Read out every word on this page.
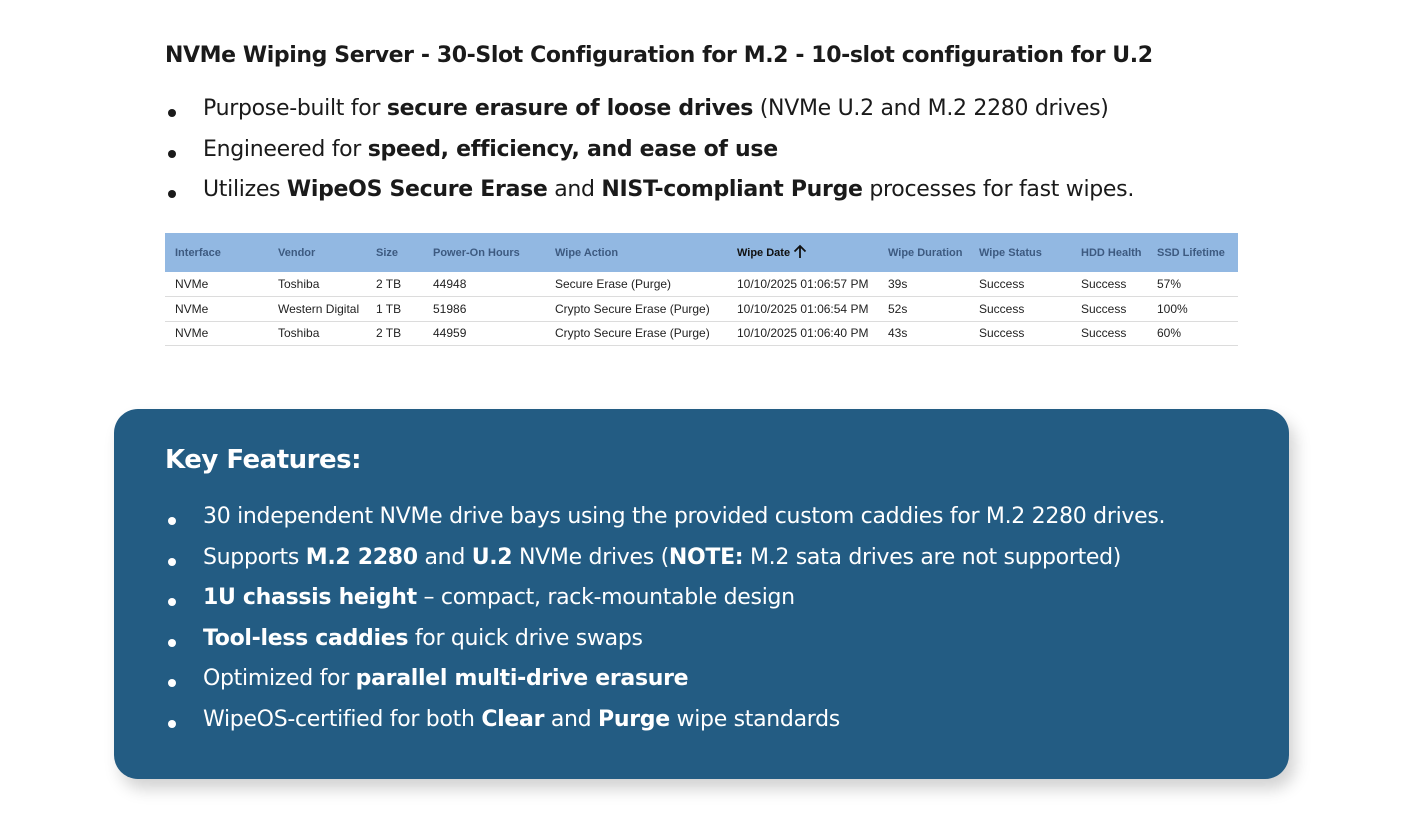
NVMe Wiping Server - 30-Slot Configuration for M.2 - 10-slot configuration for U.2
Purpose-built for secure erasure of loose drives (NVMe U.2 and M.2 2280 drives)
Engineered for speed, efficiency, and ease of use
Utilizes WipeOS Secure Erase and NIST-compliant Purge processes for fast wipes.
Interface	Vendor	Size	Power-On Hours	Wipe Action	Wipe Date	Wipe Duration	Wipe Status	HDD Health	SSD Lifetime
NVMe	Toshiba	2 TB	44948	Secure Erase (Purge)	10/10/2025 01:06:57 PM	39s	Success	Success	57%
NVMe	Western Digital	1 TB	51986	Crypto Secure Erase (Purge)	10/10/2025 01:06:54 PM	52s	Success	Success	100%
NVMe	Toshiba	2 TB	44959	Crypto Secure Erase (Purge)	10/10/2025 01:06:40 PM	43s	Success	Success	60%
Key Features:
30 independent NVMe drive bays using the provided custom caddies for M.2 2280 drives.
Supports M.2 2280 and U.2 NVMe drives (NOTE: M.2 sata drives are not supported)
1U chassis height – compact, rack-mountable design
Tool-less caddies for quick drive swaps
Optimized for parallel multi-drive erasure
WipeOS-certified for both Clear and Purge wipe standards
